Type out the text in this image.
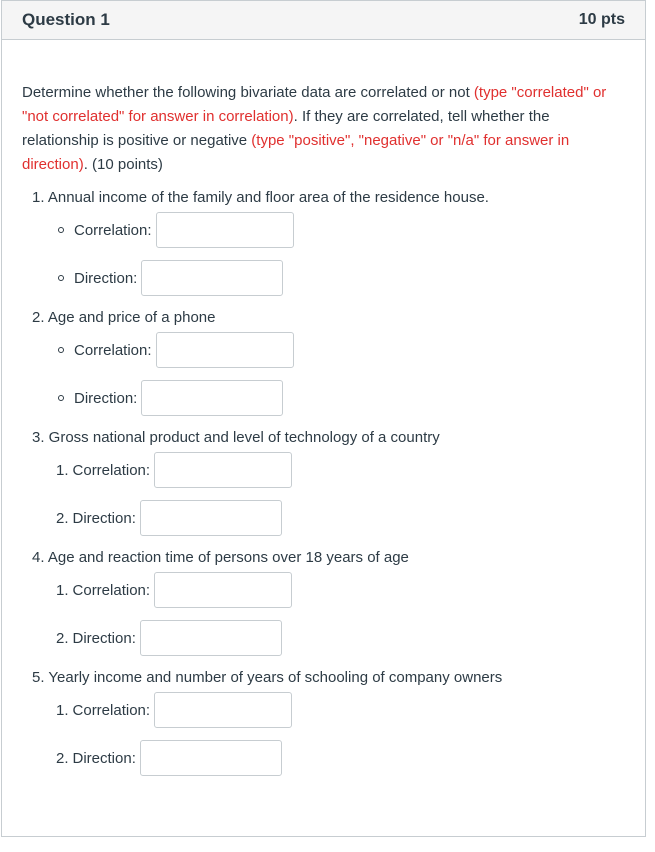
Question 1	10 pts
Determine whether the following bivariate data are correlated or not (type "correlated" or "not correlated" for answer in correlation). If they are correlated, tell whether the relationship is positive or negative (type "positive", "negative" or "n/a" for answer in direction). (10 points)
1. Annual income of the family and floor area of the residence house.
Correlation:
Direction:
2. Age and price of a phone
Correlation:
Direction:
3. Gross national product and level of technology of a country
1. Correlation:
2. Direction:
4. Age and reaction time of persons over 18 years of age
1. Correlation:
2. Direction:
5. Yearly income and number of years of schooling of company owners
1. Correlation:
2. Direction:
